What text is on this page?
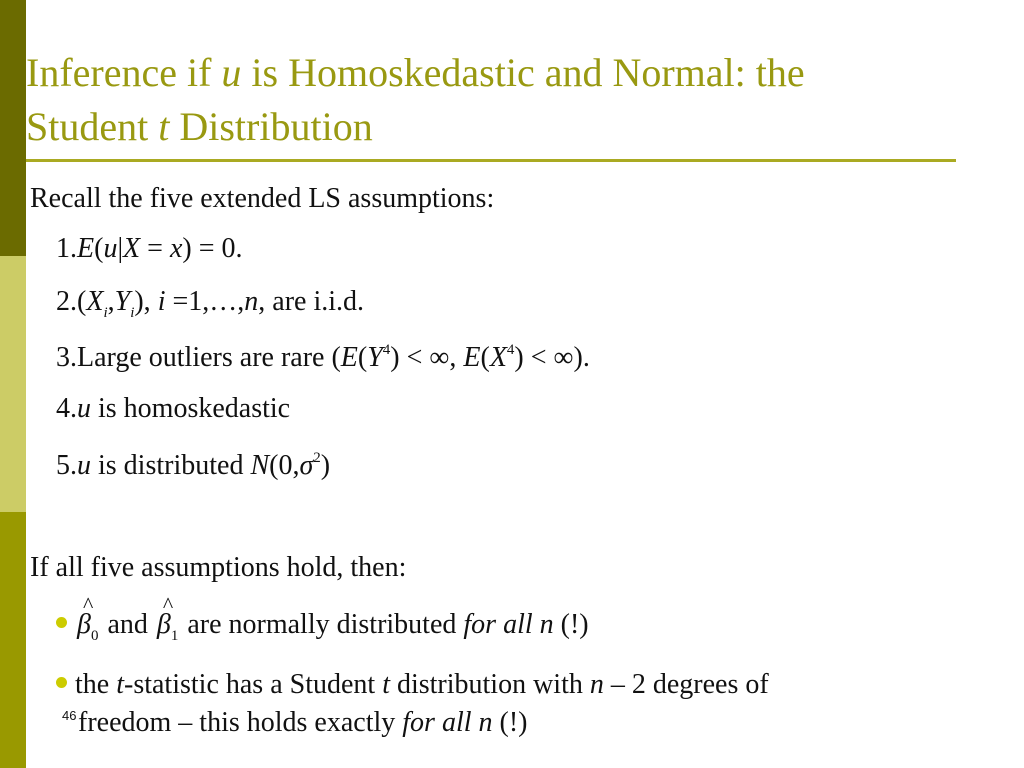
Inference if u is Homoskedastic and Normal: the
Student t Distribution
Recall the five extended LS assumptions:
1.E(u|X = x) = 0.
$2.(X_i,Y_i)$, i =1,…,n, are i.i.d.
3.Large outliers are rare ($E(Y^4)$ < ∞, $E(X^4)$ < ∞).
4.u is homoskedastic
5.u is distributed $N(0,\sigma^2)$
If all five assumptions hold, then:
^
$\beta_0$ and
^
$\beta_1$ are normally distributed for all n (!)
the t-statistic has a Student t distribution with n – 2 degrees of
freedom – this holds exactly for all n (!)
46
